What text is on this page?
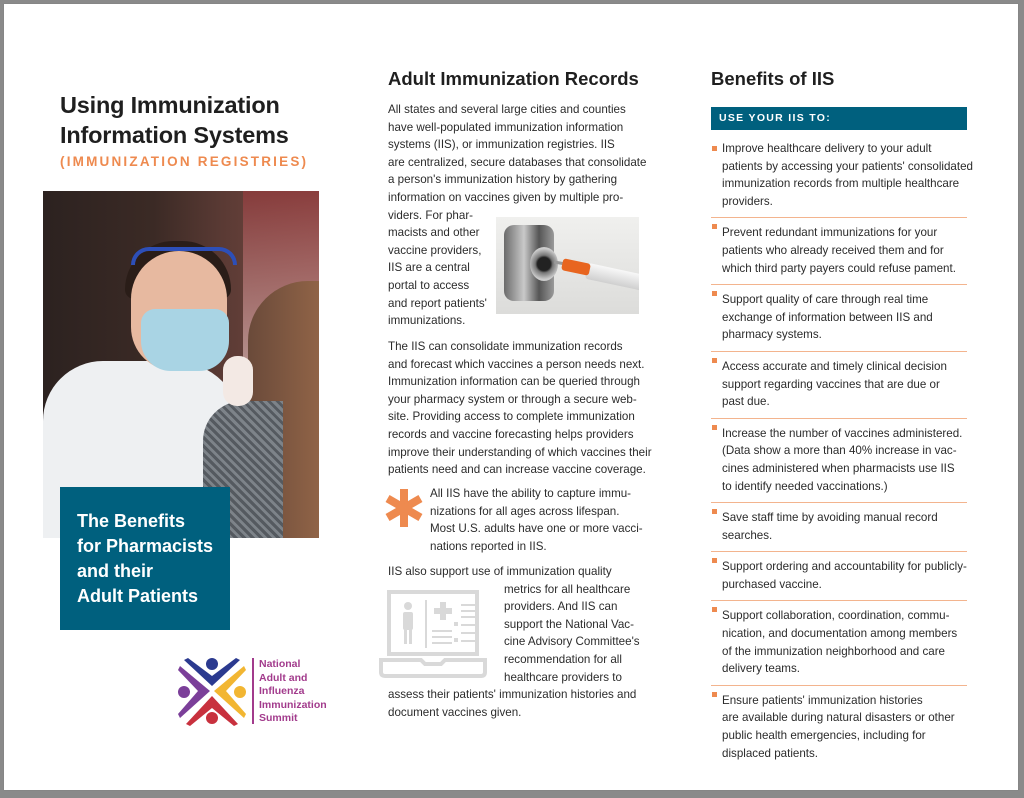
Using Immunization
Information Systems
(IMMUNIZATION REGISTRIES)
The Benefits
for Pharmacists
and their
Adult Patients
National
Adult and
Influenza
Immunization
Summit
Adult Immunization Records
All states and several large cities and counties
have well-populated immunization information
systems (IIS), or immunization registries. IIS
are centralized, secure databases that consolidate
a person's immunization history by gathering
information on vaccines given by multiple pro-
viders. For phar-
macists and other
vaccine providers,
IIS are a central
portal to access
and report patients'
immunizations.
The IIS can consolidate immunization records
and forecast which vaccines a person needs next.
Immunization information can be queried through
your pharmacy system or through a secure web-
site. Providing access to complete immunization
records and vaccine forecasting helps providers
improve their understanding of which vaccines their
patients need and can increase vaccine coverage.
All IIS have the ability to capture immu-
nizations for all ages across lifespan.
Most U.S. adults have one or more vacci-
nations reported in IIS.
IIS also support use of immunization quality
metrics for all healthcare
providers. And IIS can
support the National Vac-
cine Advisory Committee's
recommendation for all
healthcare providers to
assess their patients' immunization histories and
document vaccines given.
Benefits of IIS
USE YOUR IIS TO:
Improve healthcare delivery to your adult
patients by accessing your patients' consolidated
immunization records from multiple healthcare
providers.
Prevent redundant immunizations for your
patients who already received them and for
which third party payers could refuse pament.
Support quality of care through real time
exchange of information between IIS and
pharmacy systems.
Access accurate and timely clinical decision
support regarding vaccines that are due or
past due.
Increase the number of vaccines administered.
(Data show a more than 40% increase in vac-
cines administered when pharmacists use IIS
to identify needed vaccinations.)
Save staff time by avoiding manual record
searches.
Support ordering and accountability for publicly-
purchased vaccine.
Support collaboration, coordination, commu-
nication, and documentation among members
of the immunization neighborhood and care
delivery teams.
Ensure patients' immunization histories
are available during natural disasters or other
public health emergencies, including for
displaced patients.
